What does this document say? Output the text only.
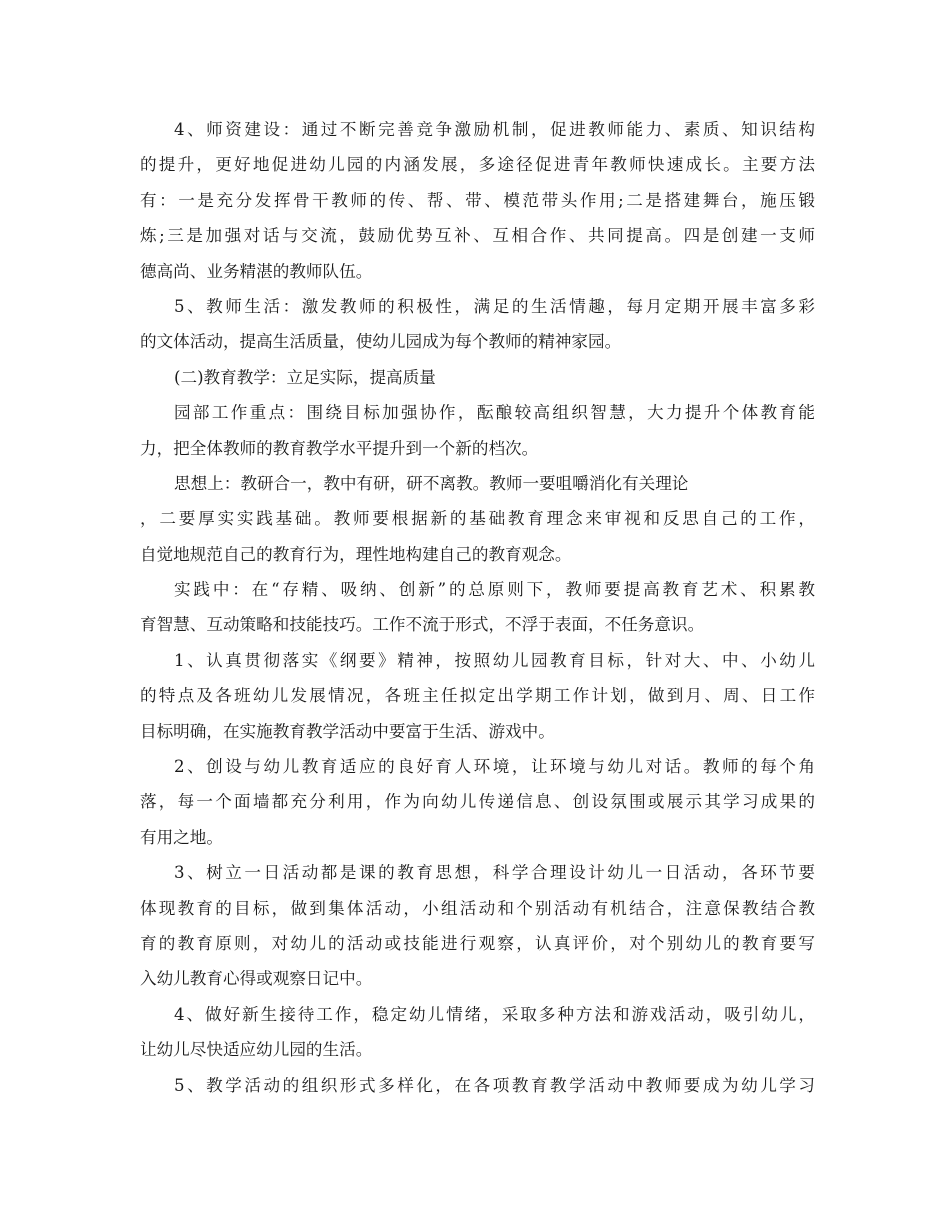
4、师资建设：通过不断完善竞争激励机制，促进教师能力、素质、知识结构
的提升，更好地促进幼儿园的内涵发展，多途径促进青年教师快速成长。主要方法
有：一是充分发挥骨干教师的传、帮、带、模范带头作用;二是搭建舞台，施压锻
炼;三是加强对话与交流，鼓励优势互补、互相合作、共同提高。四是创建一支师
德高尚、业务精湛的教师队伍。
5、教师生活：激发教师的积极性，满足的生活情趣，每月定期开展丰富多彩
的文体活动，提高生活质量，使幼儿园成为每个教师的精神家园。
(二)教育教学：立足实际，提高质量
园部工作重点：围绕目标加强协作，酝酿较高组织智慧，大力提升个体教育能
力，把全体教师的教育教学水平提升到一个新的档次。
思想上：教研合一，教中有研，研不离教。教师一要咀嚼消化有关理论
，二要厚实实践基础。教师要根据新的基础教育理念来审视和反思自己的工作，
自觉地规范自己的教育行为，理性地构建自己的教育观念。
实践中：在“存精、吸纳、创新”的总原则下，教师要提高教育艺术、积累教
育智慧、互动策略和技能技巧。工作不流于形式，不浮于表面，不任务意识。
1、认真贯彻落实《纲要》精神，按照幼儿园教育目标，针对大、中、小幼儿
的特点及各班幼儿发展情况，各班主任拟定出学期工作计划，做到月、周、日工作
目标明确，在实施教育教学活动中要富于生活、游戏中。
2、创设与幼儿教育适应的良好育人环境，让环境与幼儿对话。教师的每个角
落，每一个面墙都充分利用，作为向幼儿传递信息、创设氛围或展示其学习成果的
有用之地。
3、树立一日活动都是课的教育思想，科学合理设计幼儿一日活动，各环节要
体现教育的目标，做到集体活动，小组活动和个别活动有机结合，注意保教结合教
育的教育原则，对幼儿的活动或技能进行观察，认真评价，对个别幼儿的教育要写
入幼儿教育心得或观察日记中。
4、做好新生接待工作，稳定幼儿情绪，采取多种方法和游戏活动，吸引幼儿，
让幼儿尽快适应幼儿园的生活。
5、教学活动的组织形式多样化，在各项教育教学活动中教师要成为幼儿学习
